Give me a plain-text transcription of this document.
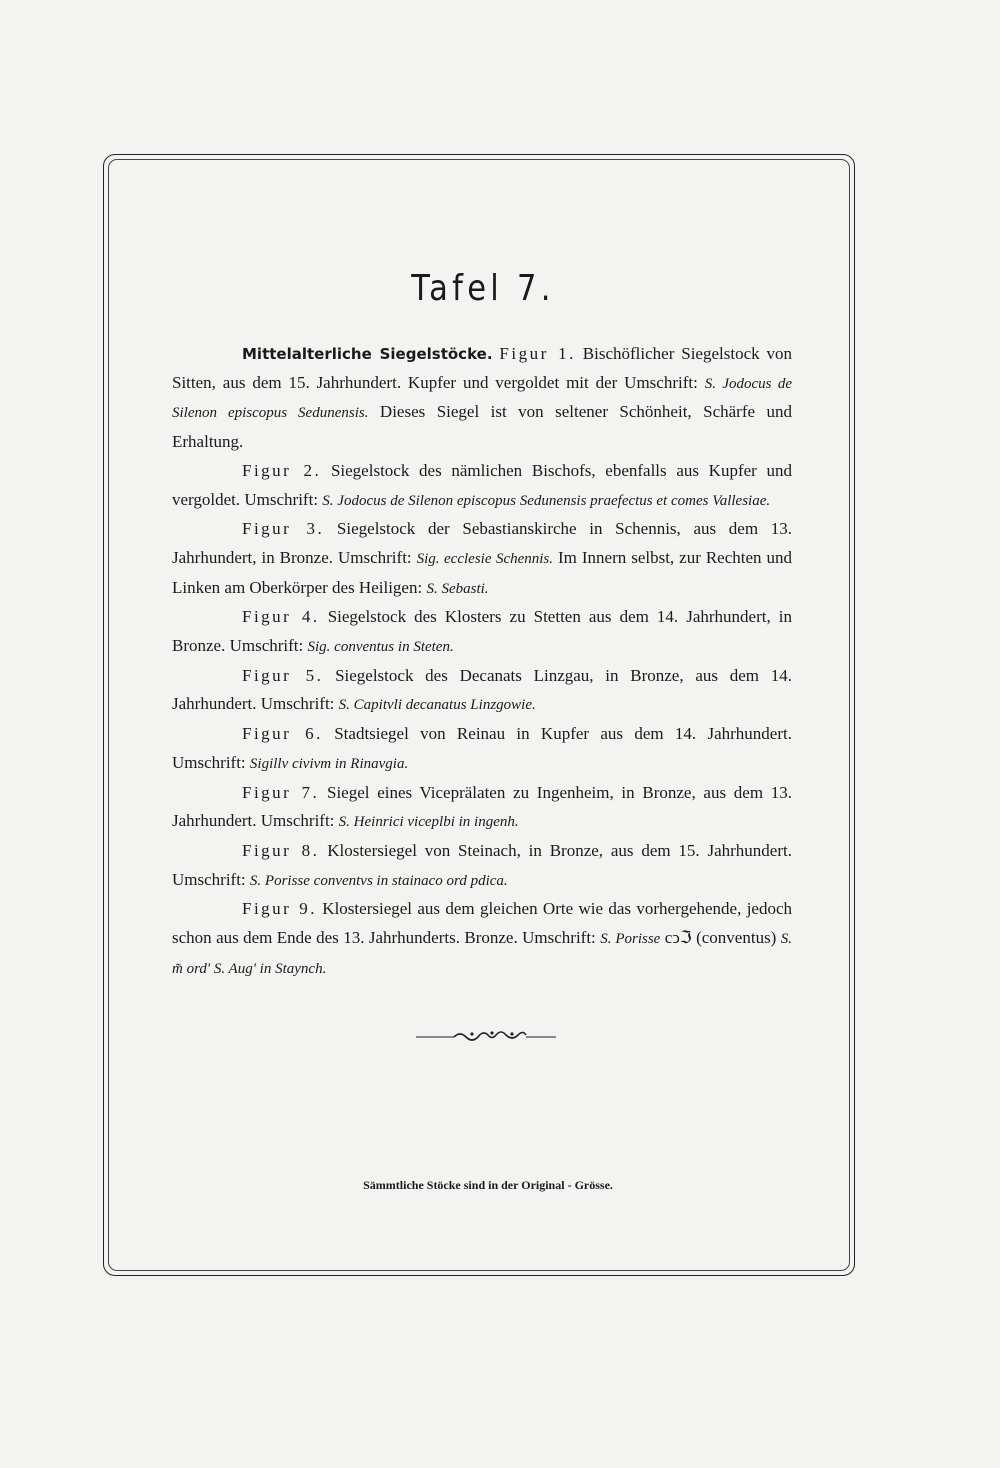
Tafel 7.

Mittelalterliche Siegelstöcke. Figur 1. Bischöflicher Siegelstock von Sitten, aus dem 15. Jahrhundert. Kupfer und vergoldet mit der Umschrift: S. Jodocus de Silenon episcopus Sedunensis. Dieses Siegel ist von seltener Schönheit, Schärfe und Erhaltung.

Figur 2. Siegelstock des nämlichen Bischofs, ebenfalls aus Kupfer und vergoldet. Umschrift: S. Jodocus de Silenon episcopus Sedunensis praefectus et comes Vallesiae.

Figur 3. Siegelstock der Sebastianskirche in Schennis, aus dem 13. Jahrhundert, in Bronze. Umschrift: Sig. ecclesie Schennis. Im Innern selbst, zur Rechten und Linken am Oberkörper des Heiligen: S. Sebasti.

Figur 4. Siegelstock des Klosters zu Stetten aus dem 14. Jahrhundert, in Bronze. Umschrift: Sig. conventus in Steten.

Figur 5. Siegelstock des Decanats Linzgau, in Bronze, aus dem 14. Jahrhundert. Umschrift: S. Capitvli decanatus Linzgowie.

Figur 6. Stadtsiegel von Reinau in Kupfer aus dem 14. Jahrhundert. Umschrift: Sigillv civivm in Rinavgia.

Figur 7. Siegel eines Viceprälaten zu Ingenheim, in Bronze, aus dem 13. Jahrhundert. Umschrift: S. Heinrici viceplbi in ingenh.

Figur 8. Klostersiegel von Steinach, in Bronze, aus dem 15. Jahrhundert. Umschrift: S. Porisse conventvs in stainaco ord pdica.

Figur 9. Klostersiegel aus dem gleichen Orte wie das vorhergehende, jedoch schon aus dem Ende des 13. Jahrhunderts. Bronze. Umschrift: S. Porisse cↄℑ (conventus) S. m̃ ord' S. Aug' in Staynch.

Sämmtliche Stöcke sind in der Original - Grösse.
